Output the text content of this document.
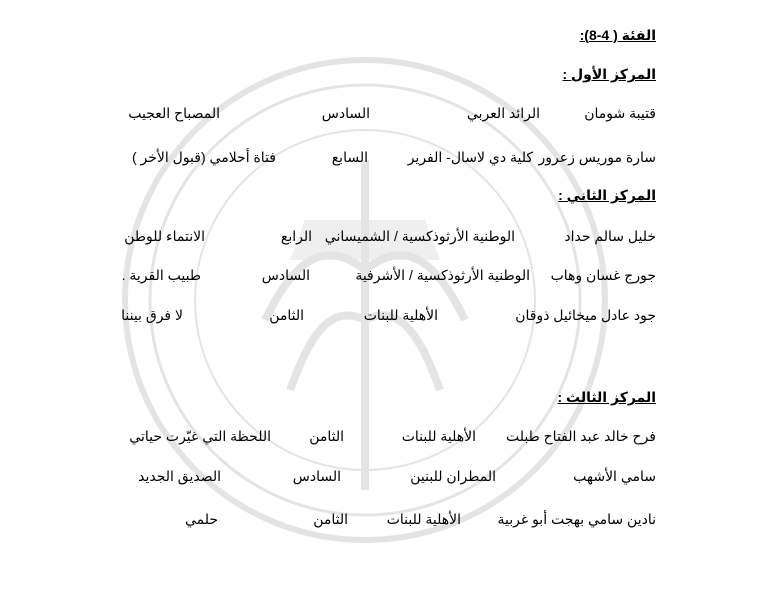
الفئة ( 4-8):
المركز الأول :
قتيبة شومان
الرائد العربي
السادس
المصباح العجيب
سارة موريس زعرور
كلية دي لاسال- الفرير
السابع
فتاة أحلامي (قبول الأخر )
المركز الثاني :
خليل سالم حداد
الوطنية الأرثوذكسية / الشميساني
الرابع
الانتماء للوطن
جورج غسان وهاب
الوطنية الأرثوذكسية / الأشرفية
السادس
طبيب القرية .
جود عادل ميخائيل ذوقان
الأهلية للبنات
الثامن
لا فرق بيننا
المركز الثالث :
فرح خالد عبد الفتاح طبلت
الأهلية للبنات
الثامن
اللحظة التي غيّرت حياتي
سامي الأشهب
المطران للبنين
السادس
الصديق الجديد
نادين سامي بهجت أبو غربية
الأهلية للبنات
الثامن
حلمي
